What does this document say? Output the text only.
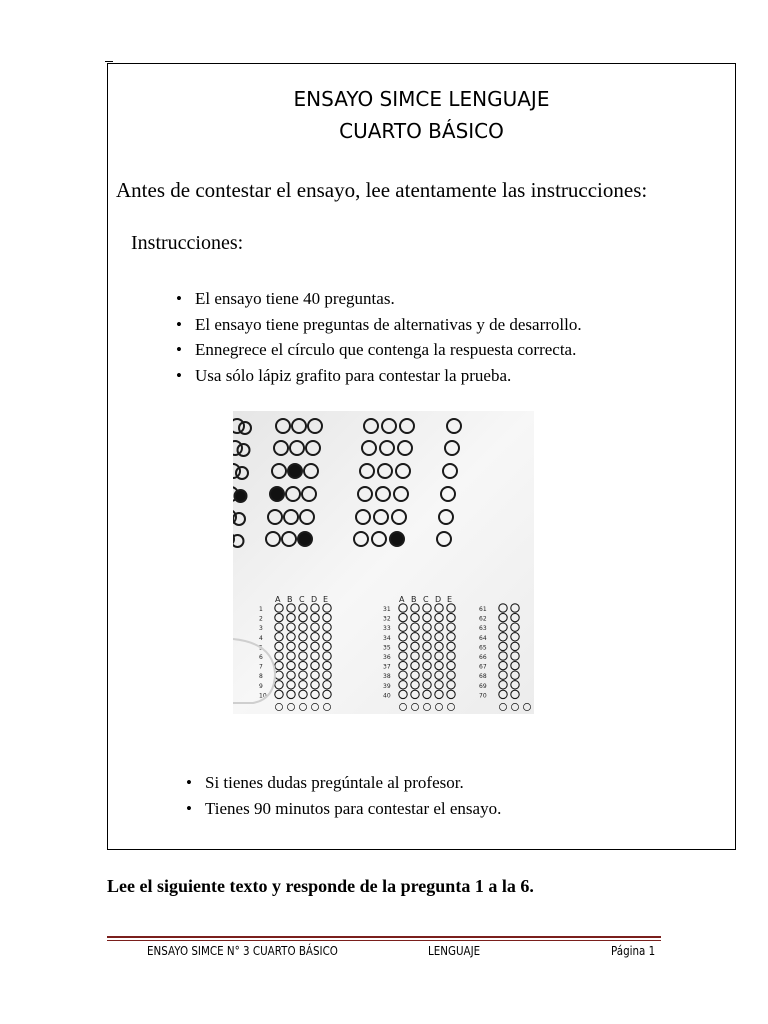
ENSAYO SIMCE LENGUAJE
CUARTO BÁSICO
Antes de contestar el ensayo, lee atentamente las instrucciones:
Instrucciones:
• El ensayo tiene 40 preguntas.
• El ensayo tiene preguntas de alternativas y de desarrollo.
• Ennegrece el círculo que contenga la respuesta correcta.
• Usa sólo lápiz grafito para contestar la prueba.
A B C D E
1
2
3
4
5
6
7
8
9
10
A B C D E
31
32
33
34
35
36
37
38
39
40
61
62
63
64
65
66
67
68
69
70
• Si tienes dudas pregúntale al profesor.
• Tienes 90 minutos para contestar el ensayo.
Lee el siguiente texto y responde de la pregunta 1 a la 6.
ENSAYO SIMCE N° 3 CUARTO BÁSICO	LENGUAJE	Página 1
